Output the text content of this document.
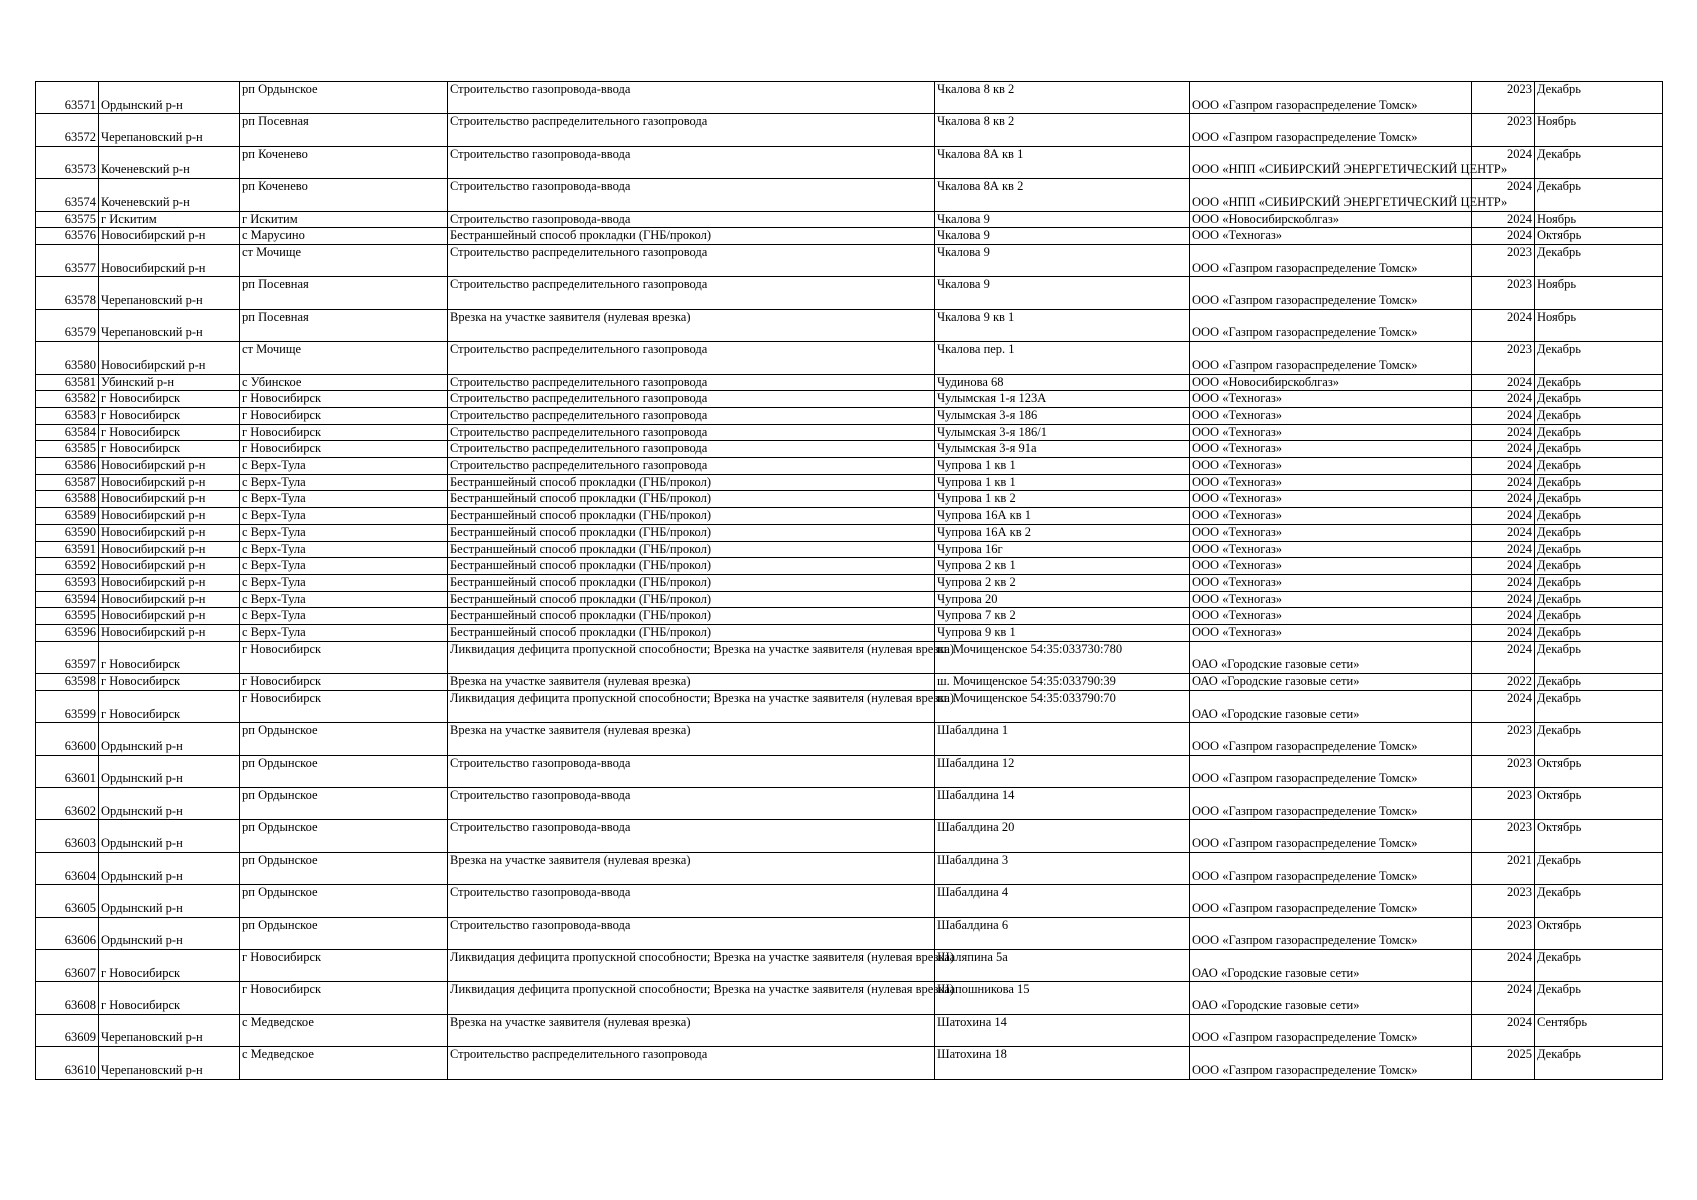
63571	Ордынский р-н	рп Ордынское	Строительство газопровода-ввода	Чкалова 8 кв 2	ООО «Газпром газораспределение Томск»	2023	Декабрь
63572	Черепановский р-н	рп Посевная	Строительство распределительного газопровода	Чкалова 8 кв 2	ООО «Газпром газораспределение Томск»	2023	Ноябрь
63573	Коченевский р-н	рп Коченево	Строительство газопровода-ввода	Чкалова 8А кв 1	ООО «НПП «СИБИРСКИЙ ЭНЕРГЕТИЧЕСКИЙ ЦЕНТР»	2024	Декабрь
63574	Коченевский р-н	рп Коченево	Строительство газопровода-ввода	Чкалова 8А кв 2	ООО «НПП «СИБИРСКИЙ ЭНЕРГЕТИЧЕСКИЙ ЦЕНТР»	2024	Декабрь
63575	г Искитим	г Искитим	Строительство газопровода-ввода	Чкалова 9	ООО «Новосибирскоблгаз»	2024	Ноябрь
63576	Новосибирский р-н	с Марусино	Бестраншейный способ прокладки (ГНБ/прокол)	Чкалова 9	ООО «Техногаз»	2024	Октябрь
63577	Новосибирский р-н	ст Мочище	Строительство распределительного газопровода	Чкалова 9	ООО «Газпром газораспределение Томск»	2023	Декабрь
63578	Черепановский р-н	рп Посевная	Строительство распределительного газопровода	Чкалова 9	ООО «Газпром газораспределение Томск»	2023	Ноябрь
63579	Черепановский р-н	рп Посевная	Врезка на участке заявителя (нулевая врезка)	Чкалова 9 кв 1	ООО «Газпром газораспределение Томск»	2024	Ноябрь
63580	Новосибирский р-н	ст Мочище	Строительство распределительного газопровода	Чкалова пер. 1	ООО «Газпром газораспределение Томск»	2023	Декабрь
63581	Убинский р-н	с Убинское	Строительство распределительного газопровода	Чудинова 68	ООО «Новосибирскоблгаз»	2024	Декабрь
63582	г Новосибирск	г Новосибирск	Строительство распределительного газопровода	Чулымская 1-я 123А	ООО «Техногаз»	2024	Декабрь
63583	г Новосибирск	г Новосибирск	Строительство распределительного газопровода	Чулымская 3-я 186	ООО «Техногаз»	2024	Декабрь
63584	г Новосибирск	г Новосибирск	Строительство распределительного газопровода	Чулымская 3-я 186/1	ООО «Техногаз»	2024	Декабрь
63585	г Новосибирск	г Новосибирск	Строительство распределительного газопровода	Чулымская 3-я 91а	ООО «Техногаз»	2024	Декабрь
63586	Новосибирский р-н	с Верх-Тула	Строительство распределительного газопровода	Чупрова 1 кв 1	ООО «Техногаз»	2024	Декабрь
63587	Новосибирский р-н	с Верх-Тула	Бестраншейный способ прокладки (ГНБ/прокол)	Чупрова 1 кв 1	ООО «Техногаз»	2024	Декабрь
63588	Новосибирский р-н	с Верх-Тула	Бестраншейный способ прокладки (ГНБ/прокол)	Чупрова 1 кв 2	ООО «Техногаз»	2024	Декабрь
63589	Новосибирский р-н	с Верх-Тула	Бестраншейный способ прокладки (ГНБ/прокол)	Чупрова 16А кв 1	ООО «Техногаз»	2024	Декабрь
63590	Новосибирский р-н	с Верх-Тула	Бестраншейный способ прокладки (ГНБ/прокол)	Чупрова 16А кв 2	ООО «Техногаз»	2024	Декабрь
63591	Новосибирский р-н	с Верх-Тула	Бестраншейный способ прокладки (ГНБ/прокол)	Чупрова 16г	ООО «Техногаз»	2024	Декабрь
63592	Новосибирский р-н	с Верх-Тула	Бестраншейный способ прокладки (ГНБ/прокол)	Чупрова 2 кв 1	ООО «Техногаз»	2024	Декабрь
63593	Новосибирский р-н	с Верх-Тула	Бестраншейный способ прокладки (ГНБ/прокол)	Чупрова 2 кв 2	ООО «Техногаз»	2024	Декабрь
63594	Новосибирский р-н	с Верх-Тула	Бестраншейный способ прокладки (ГНБ/прокол)	Чупрова 20	ООО «Техногаз»	2024	Декабрь
63595	Новосибирский р-н	с Верх-Тула	Бестраншейный способ прокладки (ГНБ/прокол)	Чупрова 7 кв 2	ООО «Техногаз»	2024	Декабрь
63596	Новосибирский р-н	с Верх-Тула	Бестраншейный способ прокладки (ГНБ/прокол)	Чупрова 9 кв 1	ООО «Техногаз»	2024	Декабрь
63597	г Новосибирск	г Новосибирск	Ликвидация дефицита пропускной способности; Врезка на участке заявителя (нулевая врезка)	ш. Мочищенское 54:35:033730:780	ОАО «Городские газовые сети»	2024	Декабрь
63598	г Новосибирск	г Новосибирск	Врезка на участке заявителя (нулевая врезка)	ш. Мочищенское 54:35:033790:39	ОАО «Городские газовые сети»	2022	Декабрь
63599	г Новосибирск	г Новосибирск	Ликвидация дефицита пропускной способности; Врезка на участке заявителя (нулевая врезка)	ш. Мочищенское 54:35:033790:70	ОАО «Городские газовые сети»	2024	Декабрь
63600	Ордынский р-н	рп Ордынское	Врезка на участке заявителя (нулевая врезка)	Шабалдина 1	ООО «Газпром газораспределение Томск»	2023	Декабрь
63601	Ордынский р-н	рп Ордынское	Строительство газопровода-ввода	Шабалдина 12	ООО «Газпром газораспределение Томск»	2023	Октябрь
63602	Ордынский р-н	рп Ордынское	Строительство газопровода-ввода	Шабалдина 14	ООО «Газпром газораспределение Томск»	2023	Октябрь
63603	Ордынский р-н	рп Ордынское	Строительство газопровода-ввода	Шабалдина 20	ООО «Газпром газораспределение Томск»	2023	Октябрь
63604	Ордынский р-н	рп Ордынское	Врезка на участке заявителя (нулевая врезка)	Шабалдина 3	ООО «Газпром газораспределение Томск»	2021	Декабрь
63605	Ордынский р-н	рп Ордынское	Строительство газопровода-ввода	Шабалдина 4	ООО «Газпром газораспределение Томск»	2023	Декабрь
63606	Ордынский р-н	рп Ордынское	Строительство газопровода-ввода	Шабалдина 6	ООО «Газпром газораспределение Томск»	2023	Октябрь
63607	г Новосибирск	г Новосибирск	Ликвидация дефицита пропускной способности; Врезка на участке заявителя (нулевая врезка)	Шаляпина 5а	ОАО «Городские газовые сети»	2024	Декабрь
63608	г Новосибирск	г Новосибирск	Ликвидация дефицита пропускной способности; Врезка на участке заявителя (нулевая врезка)	Шапошникова 15	ОАО «Городские газовые сети»	2024	Декабрь
63609	Черепановский р-н	с Медведское	Врезка на участке заявителя (нулевая врезка)	Шатохина 14	ООО «Газпром газораспределение Томск»	2024	Сентябрь
63610	Черепановский р-н	с Медведское	Строительство распределительного газопровода	Шатохина 18	ООО «Газпром газораспределение Томск»	2025	Декабрь
